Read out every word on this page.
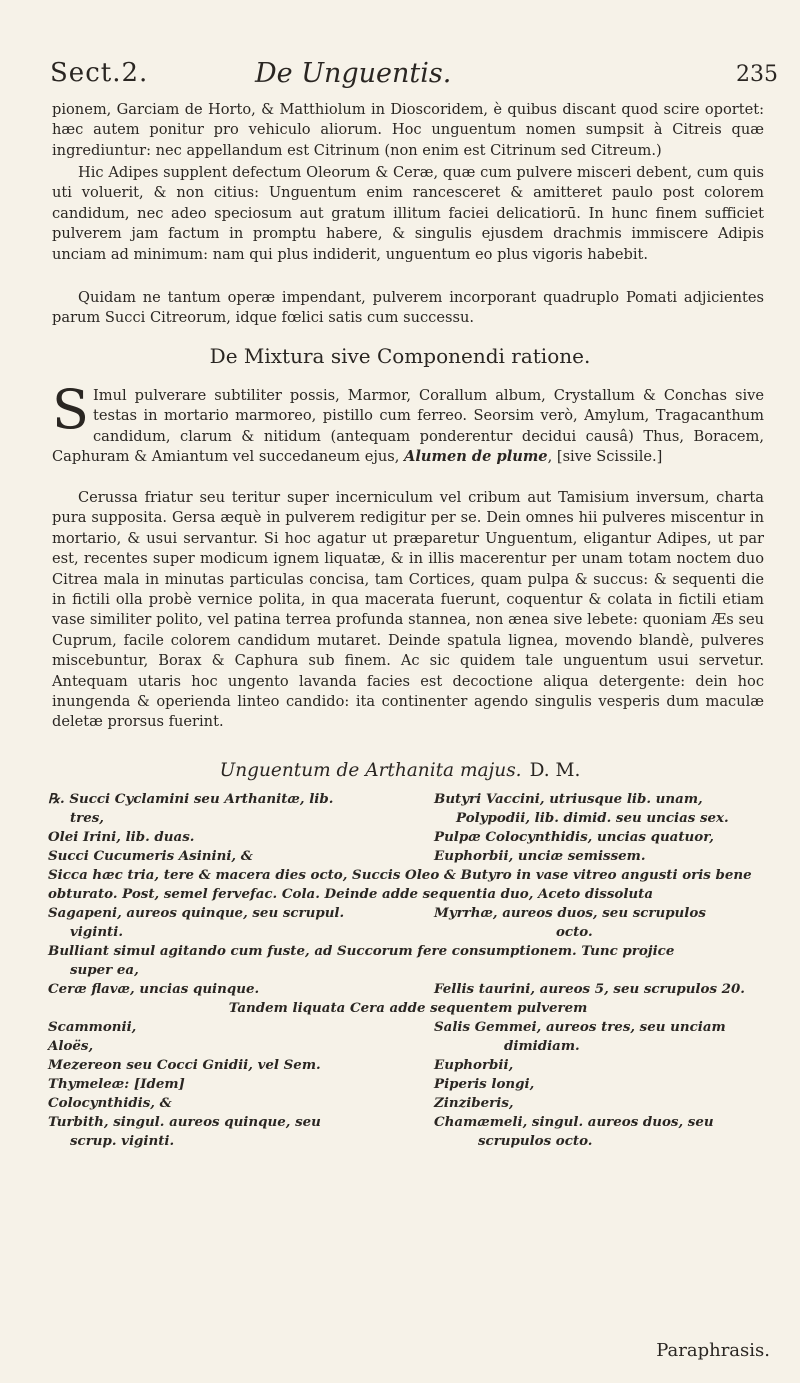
Sect.2.	De Unguentis.	235
pionem, Garciam de Horto, & Matthiolum in Dioscoridem, è quibus discant quod scire oportet: hæc autem ponitur pro vehiculo aliorum. Hoc unguentum nomen sumpsit à Citreis quæ ingrediuntur: nec appellandum est Citrinum (non enim est Citrinum sed Citreum.)
Hic Adipes supplent defectum Oleorum & Ceræ, quæ cum pulvere misceri debent, cum quis uti voluerit, & non citius: Unguentum enim rancesceret & amitteret paulo post colorem candidum, nec adeo speciosum aut gratum illitum faciei delicatiorū. In hunc finem sufficiet pulverem jam factum in promptu habere, & singulis ejusdem drachmis immiscere Adipis unciam ad minimum: nam qui plus indiderit, unguentum eo plus vigoris habebit.
Quidam ne tantum operæ impendant, pulverem incorporant quadruplo Pomati adjicientes parum Succi Citreorum, idque fœlici satis cum successu.
De Mixtura sive Componendi ratione.
S Imul pulverare subtiliter possis, Marmor, Corallum album, Crystallum & Conchas sive testas in mortario marmoreo, pistillo cum ferreo. Seorsim verò, Amylum, Tragacanthum candidum, clarum & nitidum (antequam ponderentur decidui causâ) Thus, Boracem, Caphuram & Amiantum vel succedaneum ejus, Alumen de plume, [sive Scissile.]
Cerussa friatur seu teritur super incerniculum vel cribum aut Tamisium inversum, charta pura supposita. Gersa æquè in pulverem redigitur per se. Dein omnes hii pulveres miscentur in mortario, & usui servantur. Si hoc agatur ut præparetur Unguentum, eligantur Adipes, ut par est, recentes super modicum ignem liquatæ, & in illis macerentur per unam totam noctem duo Citrea mala in minutas particulas concisa, tam Cortices, quam pulpa & succus: & sequenti die in fictili olla probè vernice polita, in qua macerata fuerunt, coquentur & colata in fictili etiam vase similiter polito, vel patina terrea profunda stannea, non ænea sive lebete: quoniam Æs seu Cuprum, facile colorem candidum mutaret. Deinde spatula lignea, movendo blandè, pulveres miscebuntur, Borax & Caphura sub finem. Ac sic quidem tale unguentum usui servetur. Antequam utaris hoc ungento lavanda facies est decoctione aliqua detergente: dein hoc inungenda & operienda linteo candido: ita continenter agendo singulis vesperis dum maculæ deletæ prorsus fuerint.
Unguentum de Arthanita majus. D. M.
℞. Succi Cyclamini seu Arthanitæ, lib.	Butyri Vaccini, utriusque lib. unam,
tres,	Polypodii, lib. dimid. seu uncias sex.
Olei Irini, lib. duas.	Pulpæ Colocynthidis, uncias quatuor,
Succi Cucumeris Asinini, &	Euphorbii, unciæ semissem.
Sicca hæc tria, tere & macera dies octo, Succis Oleo & Butyro in vase vitreo angusti oris bene obturato. Post, semel fervefac. Cola. Deinde adde sequentia duo, Aceto dissoluta
Sagapeni, aureos quinque, seu scrupul.	Myrrhæ, aureos duos, seu scrupulos
viginti.	octo.
Bulliant simul agitando cum fuste, ad Succorum fere consumptionem. Tunc projice
super ea,
Ceræ flavæ, uncias quinque.	Fellis taurini, aureos 5, seu scrupulos 20.
Tandem liquata Cera adde sequentem pulverem
Scammonii,	Salis Gemmei, aureos tres, seu unciam
Aloës,	dimidiam.
Mezereon seu Cocci Gnidii, vel Sem.	Euphorbii,
Thymeleæ: [Idem]	Piperis longi,
Colocynthidis, &	Zinziberis,
Turbith, singul. aureos quinque, seu	Chamæmeli, singul. aureos duos, seu
scrup. viginti.	scrupulos octo.
Paraphrasis.
